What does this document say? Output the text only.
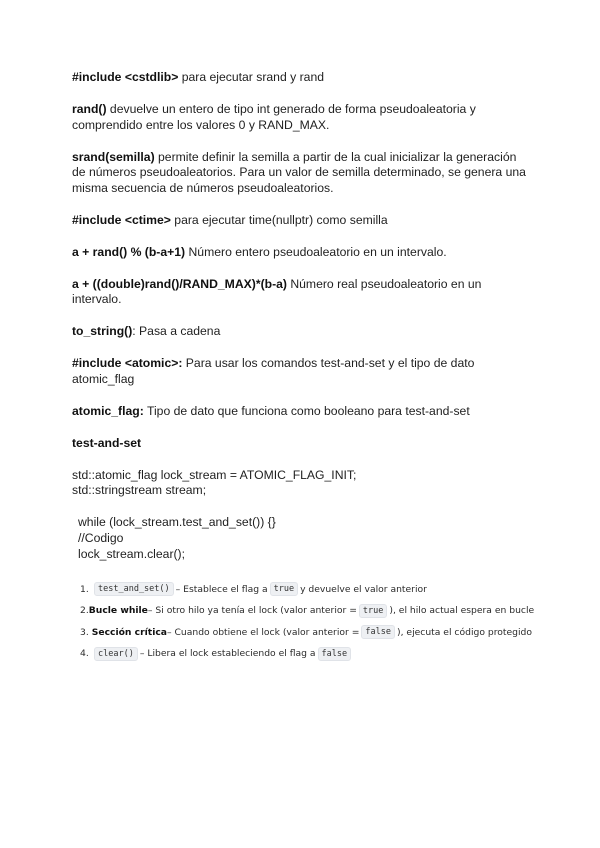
#include <cstdlib> para ejecutar srand y rand

rand() devuelve un entero de tipo int generado de forma pseudoaleatoria y comprendido entre los valores 0 y RAND_MAX.

srand(semilla) permite definir la semilla a partir de la cual inicializar la generación de números pseudoaleatorios. Para un valor de semilla determinado, se genera una misma secuencia de números pseudoaleatorios.

#include <ctime> para ejecutar time(nullptr) como semilla

a + rand() % (b-a+1) Número entero pseudoaleatorio en un intervalo.

a + ((double)rand()/RAND_MAX)*(b-a) Número real pseudoaleatorio en un intervalo.

to_string(): Pasa a cadena

#include <atomic>: Para usar los comandos test-and-set y el tipo de dato atomic_flag

atomic_flag: Tipo de dato que funciona como booleano para test-and-set

test-and-set

std::atomic_flag lock_stream = ATOMIC_FLAG_INIT;
std::stringstream stream;
while (lock_stream.test_and_set()) {}
//Codigo
lock_stream.clear();
1.	test_and_set() – Establece el flag a true y devuelve el valor anterior
2. Bucle while – Si otro hilo ya tenía el lock (valor anterior = true ), el hilo actual espera en bucle
3. Sección crítica – Cuando obtiene el lock (valor anterior = false ), ejecuta el código protegido
4.	clear() – Libera el lock estableciendo el flag a false
